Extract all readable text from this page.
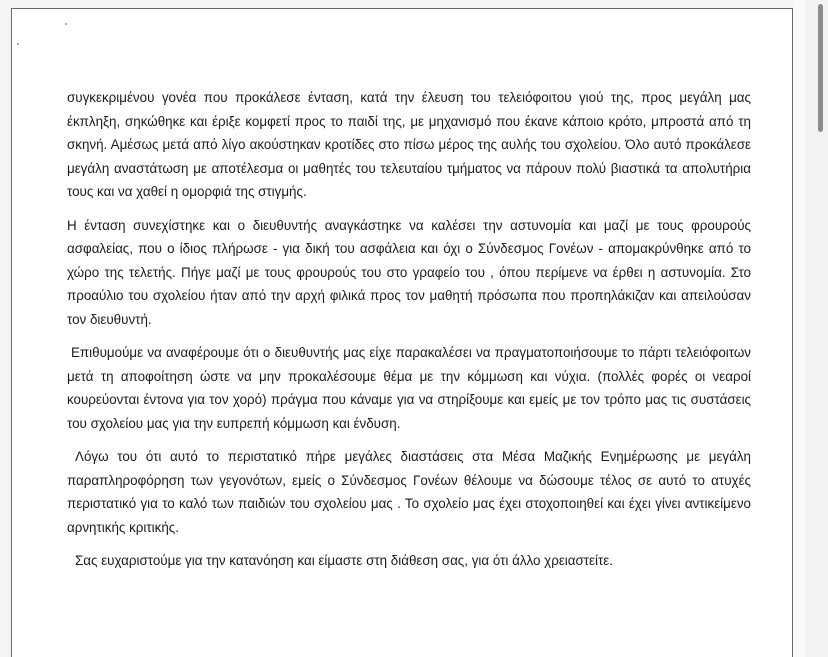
συγκεκριμένου γονέα που προκάλεσε ένταση, κατά την έλευση του τελειόφοιτου γιού της, προς μεγάλη μας έκπληξη, σηκώθηκε και έριξε κομφετί προς το παιδί της, με μηχανισμό που έκανε κάποιο κρότο, μπροστά από τη σκηνή. Αμέσως μετά από λίγο ακούστηκαν κροτίδες στο πίσω μέρος της αυλής του σχολείου. Όλο αυτό προκάλεσε μεγάλη αναστάτωση με αποτέλεσμα οι μαθητές του τελευταίου τμήματος να πάρουν πολύ βιαστικά τα απολυτήρια τους και να χαθεί η ομορφιά της στιγμής.

Η ένταση συνεχίστηκε και ο διευθυντής αναγκάστηκε να καλέσει την αστυνομία και μαζί με τους φρουρούς ασφαλείας, που ο ίδιος πλήρωσε - για δική του ασφάλεια και όχι ο Σύνδεσμος Γονέων - απομακρύνθηκε από το χώρο της τελετής. Πήγε μαζί με τους φρουρούς του στο γραφείο του , όπου περίμενε να έρθει η αστυνομία. Στο προαύλιο του σχολείου ήταν από την αρχή φιλικά προς τον μαθητή πρόσωπα που προπηλάκιζαν και απειλούσαν τον διευθυντή.

Επιθυμούμε να αναφέρουμε ότι ο διευθυντής μας είχε παρακαλέσει να πραγματοποιήσουμε το πάρτι τελειόφοιτων μετά τη αποφοίτηση ώστε να μην προκαλέσουμε θέμα με την κόμμωση και νύχια. (πολλές φορές οι νεαροί κουρεύονται έντονα για τον χορό) πράγμα που κάναμε για να στηρίξουμε και εμείς με τον τρόπο μας τις συστάσεις του σχολείου μας για την ευπρεπή κόμμωση και ένδυση.

Λόγω του ότι αυτό το περιστατικό πήρε μεγάλες διαστάσεις στα Μέσα Μαζικής Ενημέρωσης με μεγάλη παραπληροφόρηση των γεγονότων, εμείς ο Σύνδεσμος Γονέων θέλουμε να δώσουμε τέλος σε αυτό το ατυχές περιστατικό για το καλό των παιδιών του σχολείου μας . Το σχολείο μας έχει στοχοποιηθεί και έχει γίνει αντικείμενο αρνητικής κριτικής.

Σας ευχαριστούμε για την κατανόηση και είμαστε στη διάθεση σας, για ότι άλλο χρειαστείτε.
